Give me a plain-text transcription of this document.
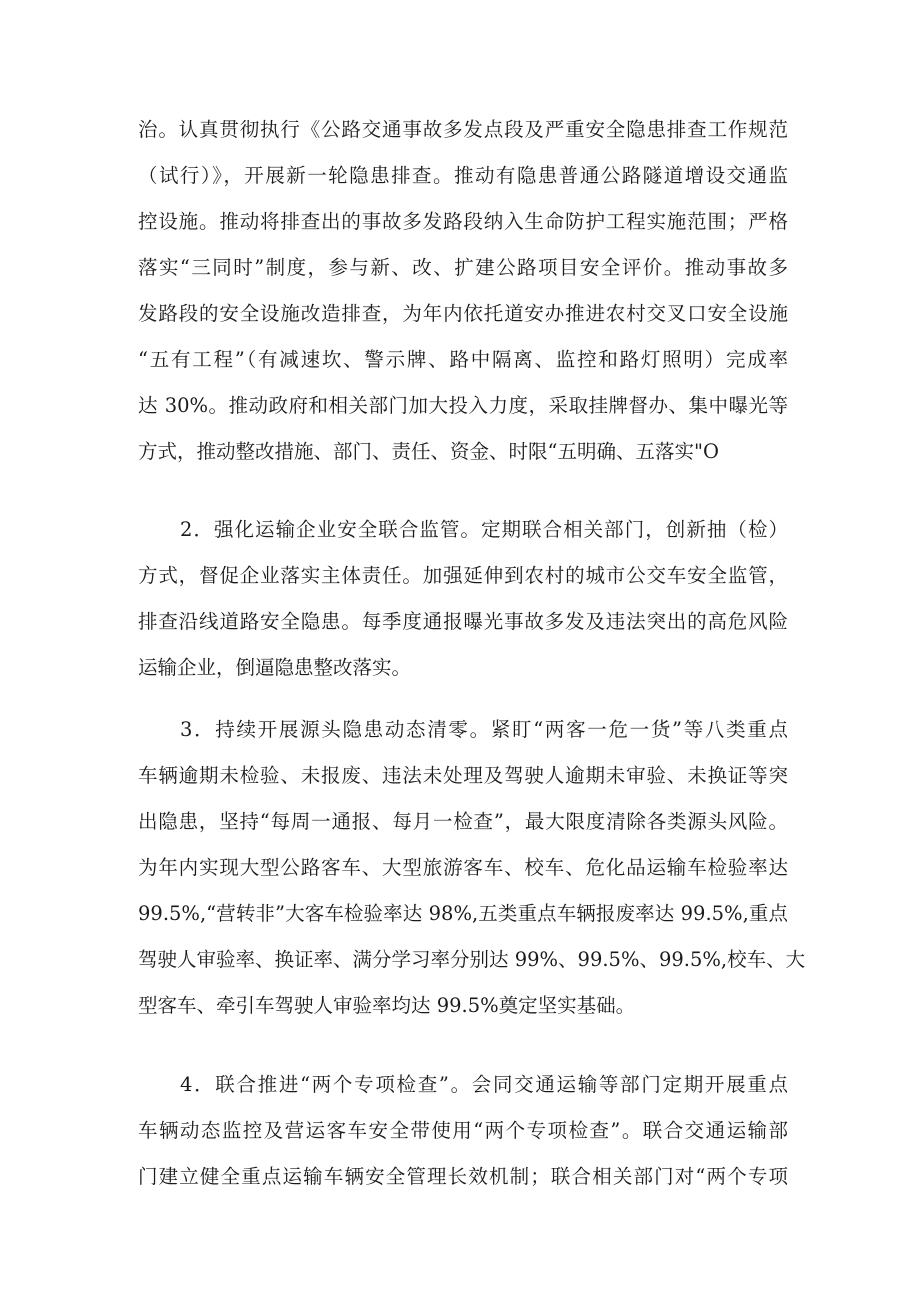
治。认真贯彻执行《公路交通事故多发点段及严重安全隐患排查工作规范
（试行）》，开展新一轮隐患排查。推动有隐患普通公路隧道增设交通监
控设施。推动将排查出的事故多发路段纳入生命防护工程实施范围；严格
落实“三同时”制度，参与新、改、扩建公路项目安全评价。推动事故多
发路段的安全设施改造排查，为年内依托道安办推进农村交叉口安全设施
“五有工程”（有减速坎、警示牌、路中隔离、监控和路灯照明）完成率
达 30%。推动政府和相关部门加大投入力度，采取挂牌督办、集中曝光等
方式，推动整改措施、部门、责任、资金、时限“五明确、五落实"O
2．强化运输企业安全联合监管。定期联合相关部门，创新抽（检）
方式，督促企业落实主体责任。加强延伸到农村的城市公交车安全监管，
排查沿线道路安全隐患。每季度通报曝光事故多发及违法突出的高危风险
运输企业，倒逼隐患整改落实。
3．持续开展源头隐患动态清零。紧盯“两客一危一货”等八类重点
车辆逾期未检验、未报废、违法未处理及驾驶人逾期未审验、未换证等突
出隐患，坚持“每周一通报、每月一检查”，最大限度清除各类源头风险。
为年内实现大型公路客车、大型旅游客车、校车、危化品运输车检验率达
99.5%,“营转非”大客车检验率达 98%,五类重点车辆报废率达 99.5%,重点
驾驶人审验率、换证率、满分学习率分别达 99%、99.5%、99.5%,校车、大
型客车、牵引车驾驶人审验率均达 99.5%奠定坚实基础。
4．联合推进“两个专项检查”。会同交通运输等部门定期开展重点
车辆动态监控及营运客车安全带使用“两个专项检查”。联合交通运输部
门建立健全重点运输车辆安全管理长效机制；联合相关部门对“两个专项
